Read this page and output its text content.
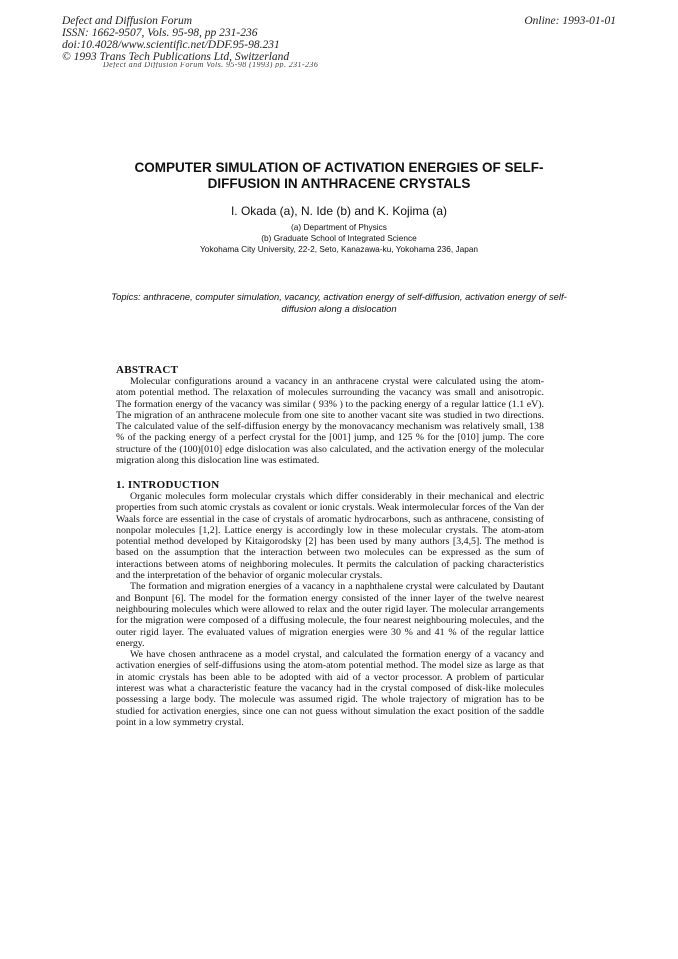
Defect and Diffusion Forum
ISSN: 1662-9507, Vols. 95-98, pp 231-236
doi:10.4028/www.scientific.net/DDF.95-98.231
© 1993 Trans Tech Publications Ltd, Switzerland
Online: 1993-01-01
Defect and Diffusion Forum Vols. 95-98 (1993) pp. 231-236
COMPUTER SIMULATION OF ACTIVATION ENERGIES OF SELF-DIFFUSION IN ANTHRACENE CRYSTALS
I. Okada (a), N. Ide (b) and K. Kojima (a)
(a) Department of Physics
(b) Graduate School of Integrated Science
Yokohama City University, 22-2, Seto, Kanazawa-ku, Yokohama 236, Japan
Topics: anthracene, computer simulation, vacancy, activation energy of self-diffusion, activation energy of self-diffusion along a dislocation
ABSTRACT

Molecular configurations around a vacancy in an anthracene crystal were calculated using the atom-atom potential method. The relaxation of molecules surrounding the vacancy was small and anisotropic. The formation energy of the vacancy was similar ( 93% ) to the packing energy of a regular lattice (1.1 eV). The migration of an anthracene molecule from one site to another vacant site was studied in two directions. The calculated value of the self-diffusion energy by the monovacancy mechanism was relatively small, 138 % of the packing energy of a perfect crystal for the [001] jump, and 125 % for the [010] jump. The core structure of the (100)[010] edge dislocation was also calculated, and the activation energy of the molecular migration along this dislocation line was estimated.

1. INTRODUCTION

Organic molecules form molecular crystals which differ considerably in their mechanical and electric properties from such atomic crystals as covalent or ionic crystals. Weak intermolecular forces of the Van der Waals force are essential in the case of crystals of aromatic hydrocarbons, such as anthracene, consisting of nonpolar molecules [1,2]. Lattice energy is accordingly low in these molecular crystals. The atom-atom potential method developed by Kitaigorodsky [2] has been used by many authors [3,4,5]. The method is based on the assumption that the interaction between two molecules can be expressed as the sum of interactions between atoms of neighboring molecules. It permits the calculation of packing characteristics and the interpretation of the behavior of organic molecular crystals.

The formation and migration energies of a vacancy in a naphthalene crystal were calculated by Dautant and Bonpunt [6]. The model for the formation energy consisted of the inner layer of the twelve nearest neighbouring molecules which were allowed to relax and the outer rigid layer. The molecular arrangements for the migration were composed of a diffusing molecule, the four nearest neighbouring molecules, and the outer rigid layer. The evaluated values of migration energies were 30 % and 41 % of the regular lattice energy.

We have chosen anthracene as a model crystal, and calculated the formation energy of a vacancy and activation energies of self-diffusions using the atom-atom potential method. The model size as large as that in atomic crystals has been able to be adopted with aid of a vector processor. A problem of particular interest was what a characteristic feature the vacancy had in the crystal composed of disk-like molecules possessing a large body. The molecule was assumed rigid. The whole trajectory of migration has to be studied for activation energies, since one can not guess without simulation the exact position of the saddle point in a low symmetry crystal.
